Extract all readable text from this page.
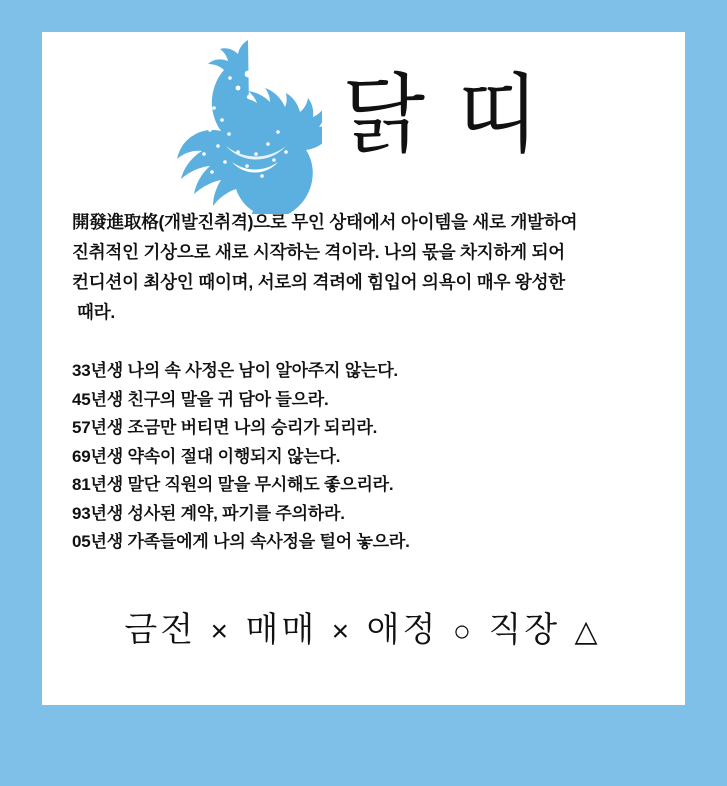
닭 띠
開發進取格(개발진취격)으로 무인 상태에서 아이템을 새로 개발하여
진취적인 기상으로 새로 시작하는 격이라. 나의 몫을 차지하게 되어
컨디션이 최상인 때이며, 서로의 격려에 힘입어 의욕이 매우 왕성한
때라.
33년생 나의 속 사정은 남이 알아주지 않는다.
45년생 친구의 말을 귀 담아 들으라.
57년생 조금만 버티면 나의 승리가 되리라.
69년생 약속이 절대 이행되지 않는다.
81년생 말단 직원의 말을 무시해도 좋으리라.
93년생 성사된 계약, 파기를 주의하라.
05년생 가족들에게 나의 속사정을 털어 놓으라.
금전 × 매매 × 애정 ○ 직장 △
